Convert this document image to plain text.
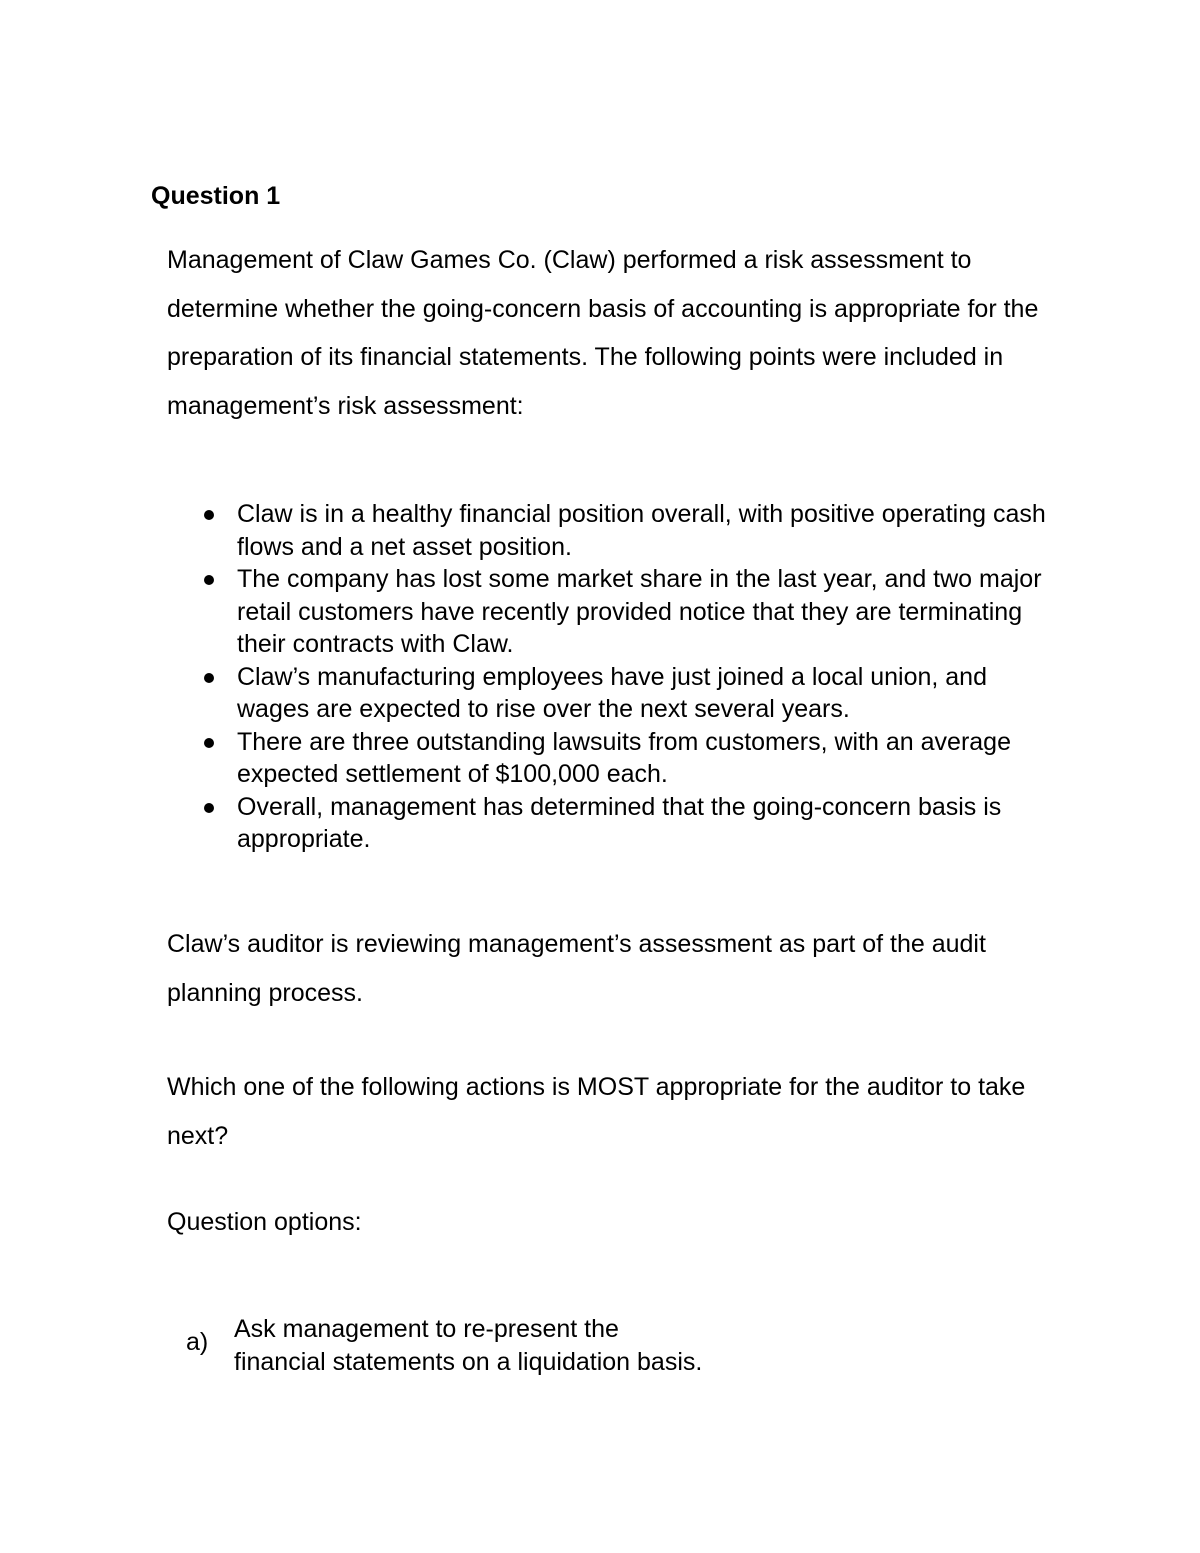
Question 1

Management of Claw Games Co. (Claw) performed a risk assessment to determine whether the going-concern basis of accounting is appropriate for the preparation of its financial statements. The following points were included in management’s risk assessment:

Claw is in a healthy financial position overall, with positive operating cash flows and a net asset position.
The company has lost some market share in the last year, and two major retail customers have recently provided notice that they are terminating their contracts with Claw.
Claw’s manufacturing employees have just joined a local union, and wages are expected to rise over the next several years.
There are three outstanding lawsuits from customers, with an average expected settlement of $100,000 each.
Overall, management has determined that the going-concern basis is appropriate.

Claw’s auditor is reviewing management’s assessment as part of the audit planning process.

Which one of the following actions is MOST appropriate for the auditor to take next?

Question options:

a) Ask management to re-present the
financial statements on a liquidation basis.
